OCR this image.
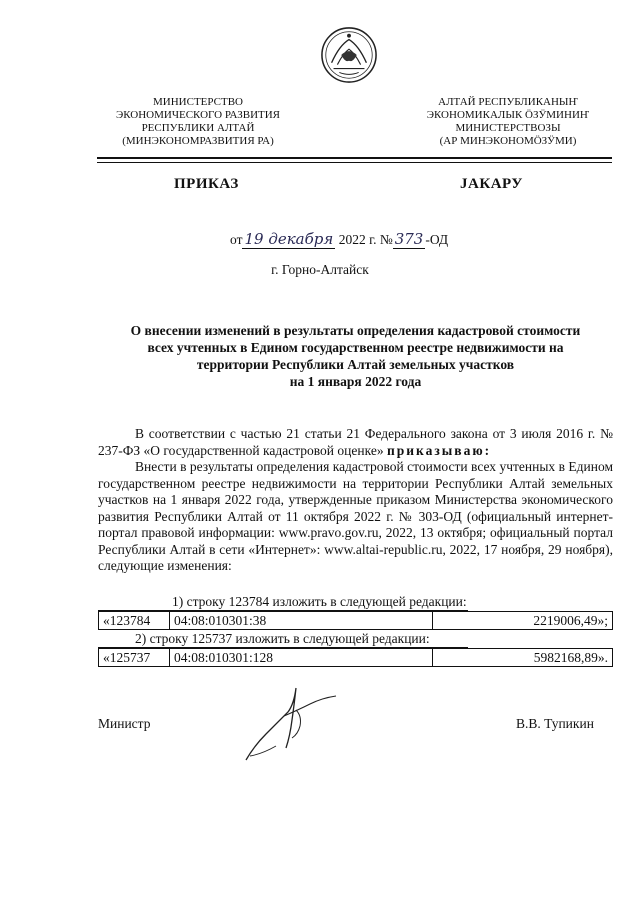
МИНИСТЕРСТВО
ЭКОНОМИЧЕСКОГО РАЗВИТИЯ
РЕСПУБЛИКИ АЛТАЙ
(МИНЭКОНОМРАЗВИТИЯ РА)
АЛТАЙ РЕСПУБЛИКАНЫҤ
ЭКОНОМИКАЛЫК ӦЗӰМИНИҤ
МИНИСТЕРСТВОЗЫ
(АР МИНЭКОНОМӦЗӰМИ)
ПРИКАЗ	ЈАКАРУ
от 19 декабря 2022 г. № 373 -ОД
г. Горно-Алтайск
О внесении изменений в результаты определения кадастровой стоимости
всех учтенных в Едином государственном реестре недвижимости на
территории Республики Алтай земельных участков
на 1 января 2022 года

В соответствии с частью 21 статьи 21 Федерального закона от 3 июля 2016 г. № 237-ФЗ «О государственной кадастровой оценке» приказываю:

Внести в результаты определения кадастровой стоимости всех учтенных в Едином государственном реестре недвижимости на территории Республики Алтай земельных участков на 1 января 2022 года, утвержденные приказом Министерства экономического развития Республики Алтай от 11 октября 2022 г. № 303-ОД (официальный интернет-портал правовой информации: www.pravo.gov.ru, 2022, 13 октября; официальный портал Республики Алтай в сети «Интернет»: www.altai-republic.ru, 2022, 17 ноября, 29 ноября), следующие изменения:

1) строку 123784 изложить в следующей редакции:
«123784	04:08:010301:38	2219006,49»;
2) строку 125737 изложить в следующей редакции:
«125737	04:08:010301:128	5982168,89».
Министр	В.В. Тупикин
